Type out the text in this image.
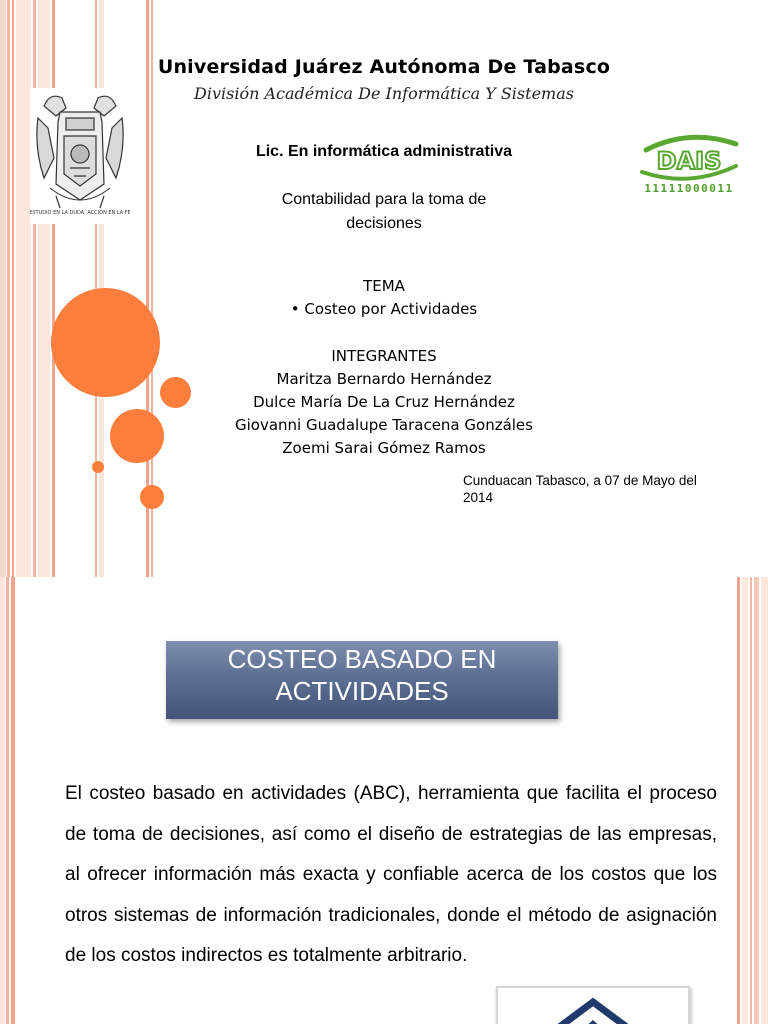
ESTUDIO EN LA DUDA, ACCIÓN EN LA FE
Universidad Juárez Autónoma De Tabasco
División Académica De Informática Y Sistemas
Lic. En informática administrativa
Contabilidad para la toma de decisiones
TEMA
• Costeo por Actividades
INTEGRANTES
Maritza Bernardo Hernández
Dulce María De La Cruz Hernández
Giovanni Guadalupe Taracena Gonzáles
Zoemi Sarai Gómez Ramos
Cunduacan Tabasco, a 07 de Mayo del 2014
DAIS
11111000011
COSTEO BASADO EN ACTIVIDADES
El costeo basado en actividades (ABC), herramienta que facilita el proceso de toma de decisiones, así como el diseño de estrategias de las empresas, al ofrecer información más exacta y confiable acerca de los costos que los otros sistemas de información tradicionales, donde el método de asignación de los costos indirectos es totalmente arbitrario.
